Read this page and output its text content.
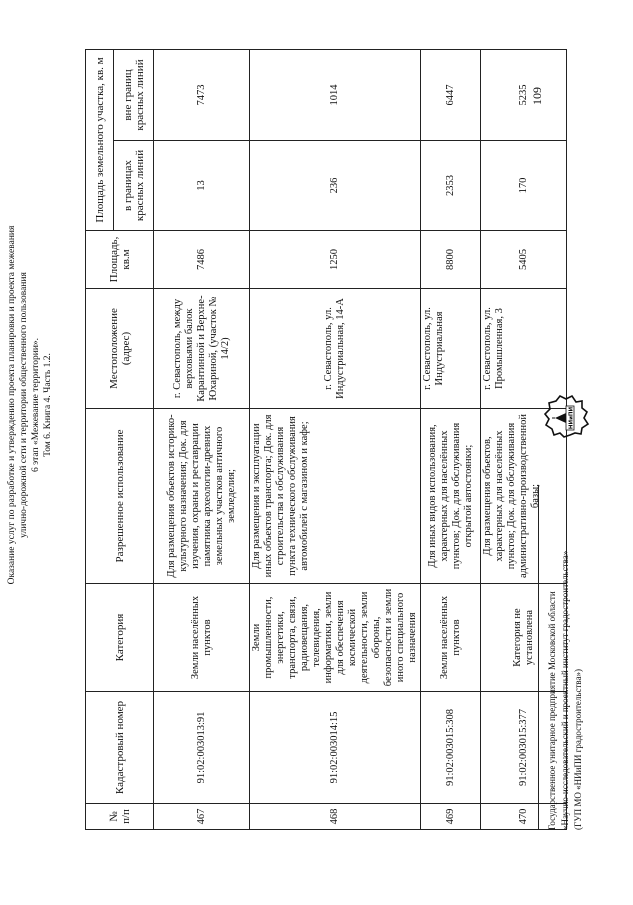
Оказание услуг по разработке и утверждению проекта планировки и проекта межевания улично-дорожной сети и территории общественного пользования 6 этап «Межевание территории». Том 6. Книга 4. Часть 1.2.
№ п/п	Кадастровый номер	Категория	Разрешенное использование	Местоположение (адрес)	Площадь, кв.м	Площадь земельного участка, кв. м	
						в границах красных линий	вне границ красных линий
467	91:02:003013:91	Земли населённых пунктов	Для размещения объектов историко-культурного назначения; Док. для изучения, охраны и реставрации памятника археологии-древних земельных участков античного земледелия;	г. Севастополь, между верховьями балок Карантинной и Верхне-Юхариной, (участок № 14/2)	7486	13	7473
468	91:02:003014:15	Земли промышленности, энергетики, транспорта, связи, радиовещания, телевидения, информатики, земли для обеспечения космической деятельности, земли обороны, безопасности и земли иного специального назначения	Для размещения и эксплуатации иных объектов транспорта; Док. для строительства и обслуживания пункта технического обслуживания автомобилей с магазином и кафе;	г. Севастополь, ул. Индустриальная, 14-А	1250	236	1014
469	91:02:003015:308	Земли населённых пунктов	Для иных видов использования, характерных для населённых пунктов; Док. для обслуживания открытой автостоянки;	г. Севастополь, ул. Индустриальная	8800	2353	6447
470	91:02:003015:377	Категория не установлена	Для размещения объектов, характерных для населённых пунктов; Док. для обслуживания административно-производственной базы;	г. Севастополь, ул. Промышленная, 3	5405	170	5235
Государственное унитарное предприятие Московской области «Научно-исследовательский и проектный институт градостроительства» (ГУП МО «НИиПИ градостроительства»)
НИиПИ
109
